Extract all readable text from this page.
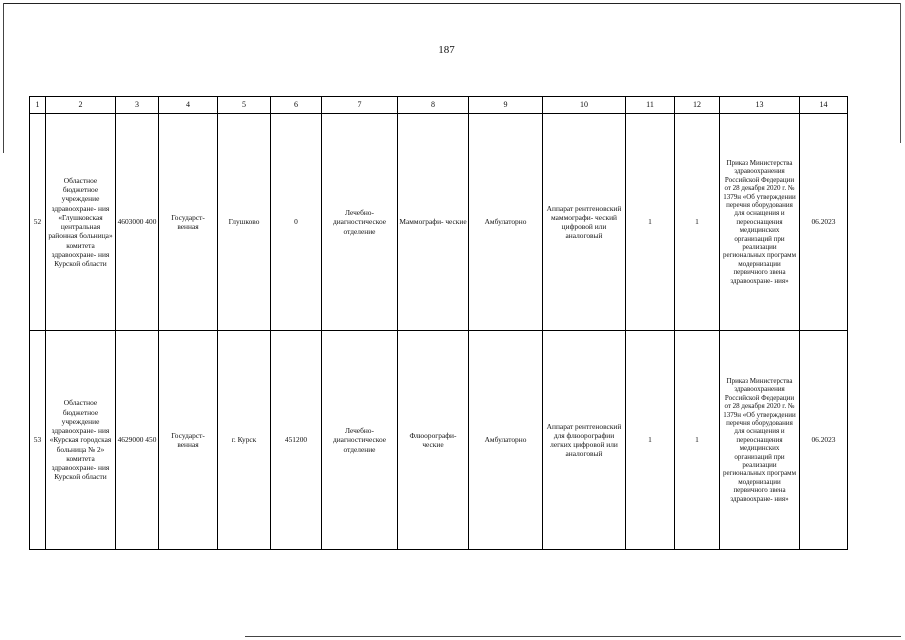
187
1	2	3	4	5	6	7	8	9	10	11	12	13	14
52	Областное бюджетное учреждение здравоохране- ния «Глушковская центральная районная больница» комитета здравоохране- ния Курской области	4603000 400	Государст- венная	Глушково	0	Лечебно- диагностическое отделение	Маммографи- ческие	Амбулаторно	Аппарат рентгеновский маммографи- ческий цифровой или аналоговый	1	1	Приказ Министерства здравоохранения Российской Федерации от 28 декабря 2020 г. № 1379н «Об утверждении перечня оборудования для оснащения и переоснащения медицинских организаций при реализации региональных программ модернизации первичного звена здравоохране- ния»	06.2023
53	Областное бюджетное учреждение здравоохране- ния «Курская городская больница № 2» комитета здравоохране- ния Курской области	4629000 450	Государст- венная	г. Курск	451200	Лечебно- диагностическое отделение	Флюорографи- ческие	Амбулаторно	Аппарат рентгеновский для флюорографии легких цифровой или аналоговый	1	1	Приказ Министерства здравоохранения Российской Федерации от 28 декабря 2020 г. № 1379н «Об утверждении перечня оборудования для оснащения и переоснащения медицинских организаций при реализации региональных программ модернизации первичного звена здравоохране- ния»	06.2023
